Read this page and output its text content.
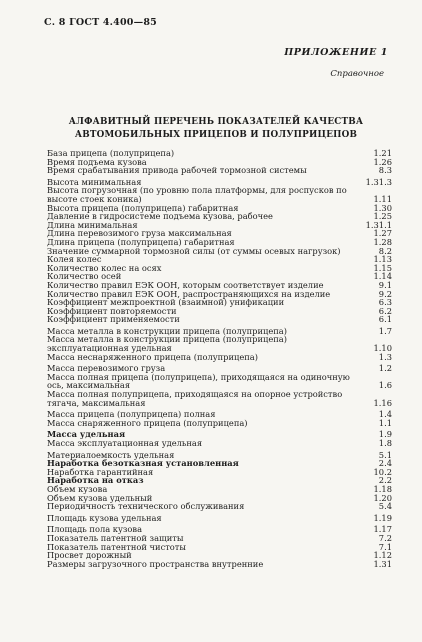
С. 8 ГОСТ 4.400—85
ПРИЛОЖЕНИЕ 1
Справочное
АЛФАВИТНЫЙ ПЕРЕЧЕНЬ ПОКАЗАТЕЛЕЙ КАЧЕСТВА
АВТОМОБИЛЬНЫХ ПРИЦЕПОВ И ПОЛУПРИЦЕПОВ
База прицепа (полуприцепа)	1.21
Время подъема кузова	1.26
Время срабатывания привода рабочей тормозной системы	8.3
Высота минимальная	1.31.3
Высота погрузочная (по уровню пола платформы, для роспусков по высоте стоек коника)	1.11
Высота прицепа (полуприцепа) габаритная	1.30
Давление в гидросистеме подъема кузова, рабочее	1.25
Длина минимальная	1.31.1
Длина перевозимого груза максимальная	1.27
Длина прицепа (полуприцепа) габаритная	1.28
Значение суммарной тормозной силы (от суммы осевых нагрузок)	8.2
Колея колес	1.13
Количество колес на осях	1.15
Количество осей	1.14
Количество правил ЕЭК ООН, которым соответствует изделие	9.1
Количество правил ЕЭК ООН, распространяющихся на изделие	9.2
Коэффициент межпроектной (взаимной) унификации	6.3
Коэффициент повторяемости	6.2
Коэффициент применяемости	6.1
Масса металла в конструкции прицепа (полуприцепа)	1.7
Масса металла в конструкции прицепа (полуприцепа) эксплуатационная удельная	1.10
Масса неснаряженного прицепа (полуприцепа)	1.3
Масса перевозимого груза	1.2
Масса полная прицепа (полуприцепа), приходящаяся на одиночную ось, максимальная	1.6
Масса полная полуприцепа, приходящаяся на опорное устройство тягача, максимальная	1.16
Масса прицепа (полуприцепа) полная	1.4
Масса снаряженного прицепа (полуприцепа)	1.1
Масса удельная	1.9
Масса эксплуатационная удельная	1.8
Материалоемкость удельная	5.1
Наработка безотказная установленная	2.4
Наработка гарантийная	10.2
Наработка на отказ	2.2
Объем кузова	1.18
Объем кузова удельный	1.20
Периодичность технического обслуживания	5.4
Площадь кузова удельная	1.19
Площадь пола кузова	1.17
Показатель патентной защиты	7.2
Показатель патентной чистоты	7.1
Просвет дорожный	1.12
Размеры загрузочного пространства внутренние	1.31
